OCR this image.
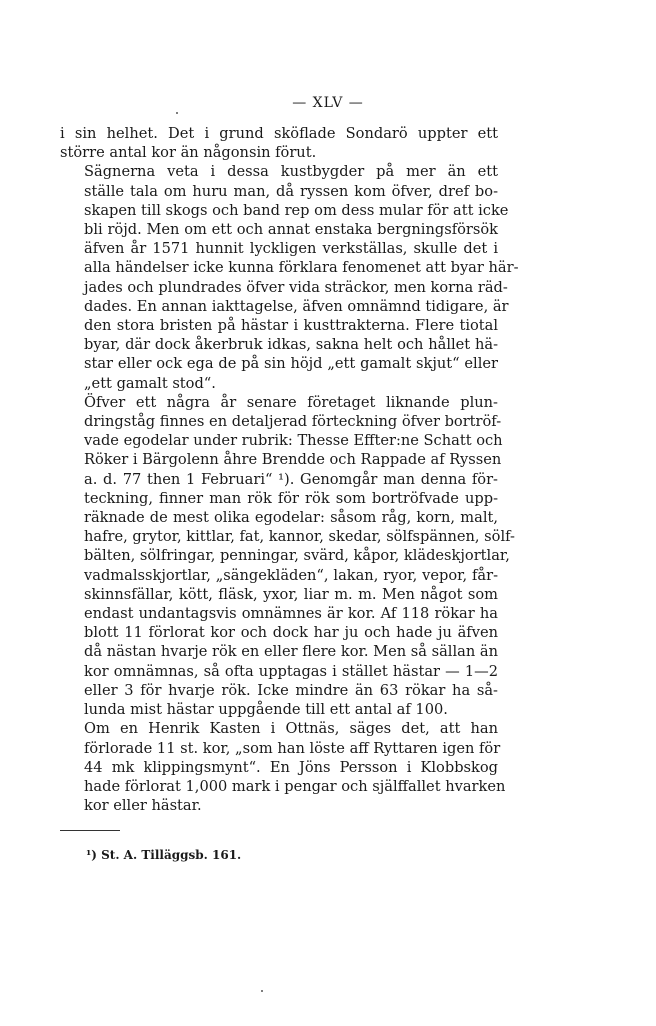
— XLV —

i sin helhet. Det i grund sköflade Sondarö uppter ett
större antal kor än någonsin förut.

Sägnerna veta i dessa kustbygder på mer än ett
ställe tala om huru man, då ryssen kom öfver, dref bo-
skapen till skogs och band rep om dess mular för att icke
bli röjd. Men om ett och annat enstaka bergningsförsök
äfven år 1571 hunnit lyckligen verkställas, skulle det i
alla händelser icke kunna förklara fenomenet att byar här-
jades och plundrades öfver vida sträckor, men korna räd-
dades. En annan iakttagelse, äfven omnämnd tidigare, är
den stora bristen på hästar i kusttrakterna. Flere tiotal
byar, där dock åkerbruk idkas, sakna helt och hållet hä-
star eller ock ega de på sin höjd „ett gamalt skjut“ eller
„ett gamalt stod“.

Öfver ett några år senare företaget liknande plun-
dringståg finnes en detaljerad förteckning öfver bortröf-
vade egodelar under rubrik: Thesse Effter:ne Schatt och
Röker i Bärgolenn åhre Brendde och Rappade af Ryssen
a. d. 77 then 1 Februari“ ¹). Genomgår man denna för-
teckning, finner man rök för rök som bortröfvade upp-
räknade de mest olika egodelar: såsom råg, korn, malt,
hafre, grytor, kittlar, fat, kannor, skedar, sölfspännen, sölf-
bälten, sölfringar, penningar, svärd, kåpor, klädeskjortlar,
vadmalsskjortlar, „sängekläden“, lakan, ryor, vepor, får-
skinnsfällar, kött, fläsk, yxor, liar m. m. Men något som
endast undantagsvis omnämnes är kor. Af 118 rökar ha
blott 11 förlorat kor och dock har ju och hade ju äfven
då nästan hvarje rök en eller flere kor. Men så sällan än
kor omnämnas, så ofta upptagas i stället hästar — 1—2
eller 3 för hvarje rök. Icke mindre än 63 rökar ha så-
lunda mist hästar uppgående till ett antal af 100.

Om en Henrik Kasten i Ottnäs, säges det, att han
förlorade 11 st. kor, „som han löste aff Ryttaren igen för
44 mk klippingsmynt“. En Jöns Persson i Klobbskog
hade förlorat 1,000 mark i pengar och själffallet hvarken
kor eller hästar.

¹) St. A. Tilläggsb. 161.
